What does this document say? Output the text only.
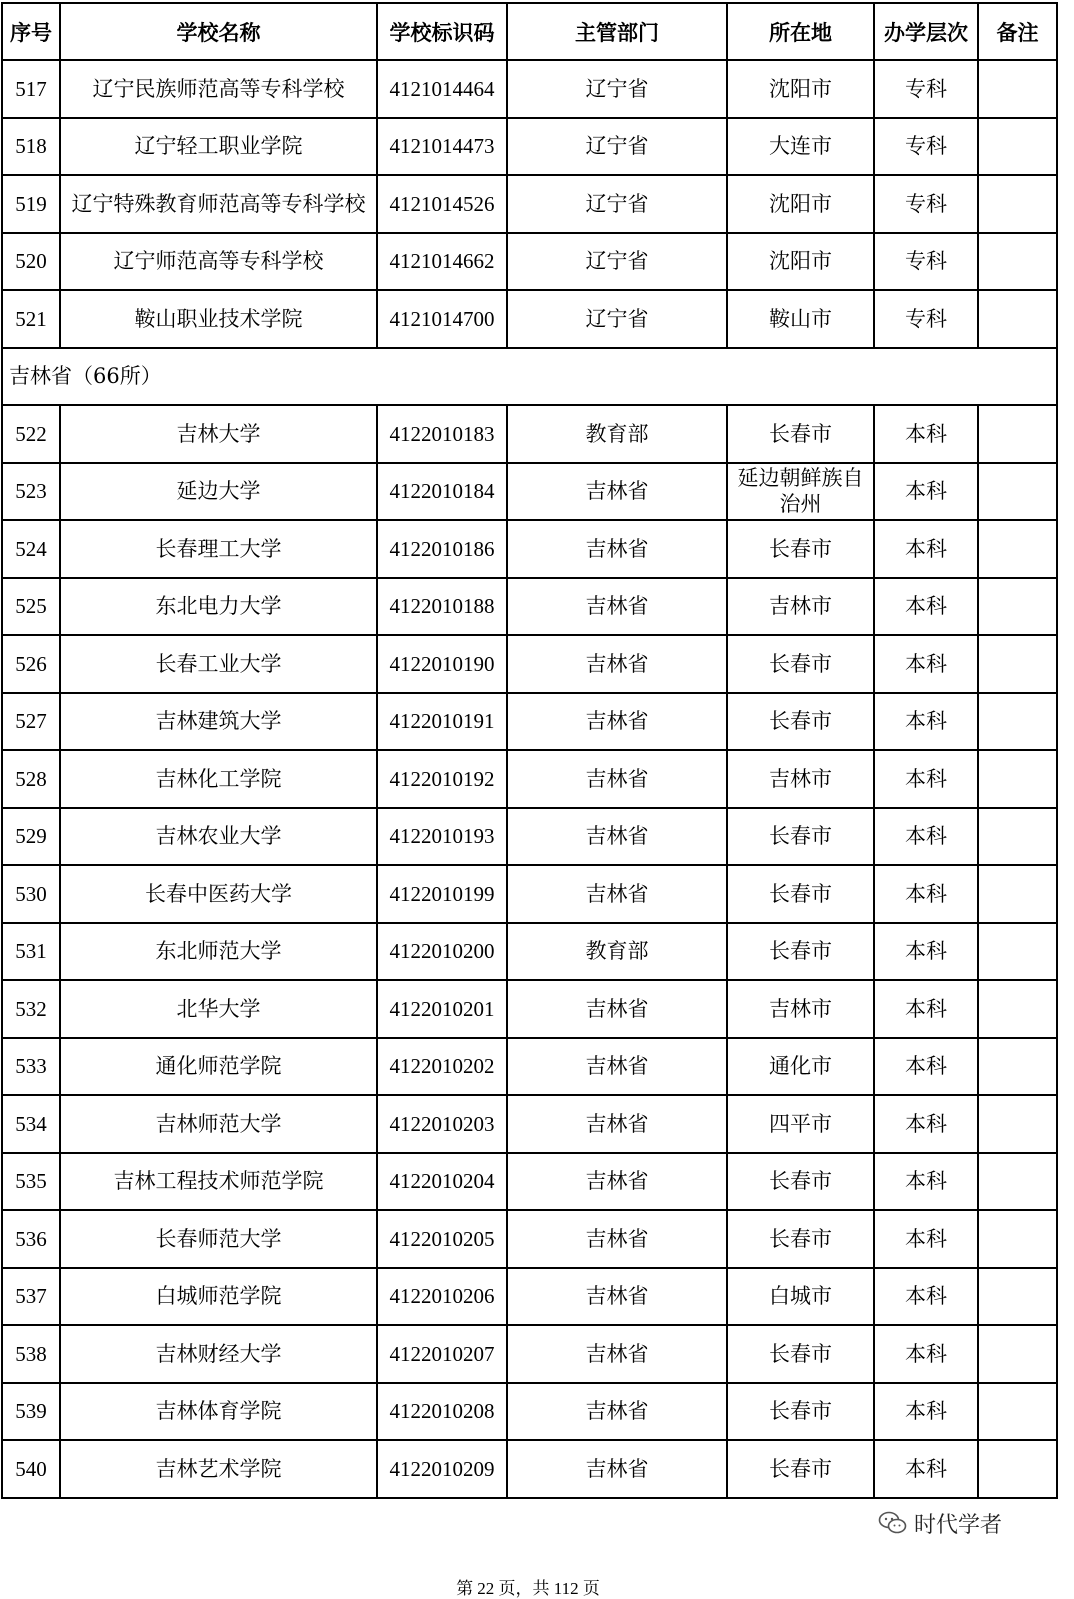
序号	学校名称	学校标识码	主管部门	所在地	办学层次	备注
517	辽宁民族师范高等专科学校	4121014464	辽宁省	沈阳市	专科	
518	辽宁轻工职业学院	4121014473	辽宁省	大连市	专科	
519	辽宁特殊教育师范高等专科学校	4121014526	辽宁省	沈阳市	专科	
520	辽宁师范高等专科学校	4121014662	辽宁省	沈阳市	专科	
521	鞍山职业技术学院	4121014700	辽宁省	鞍山市	专科	
吉林省（66所）						
522	吉林大学	4122010183	教育部	长春市	本科	
523	延边大学	4122010184	吉林省	延边朝鲜族自治州	本科	
524	长春理工大学	4122010186	吉林省	长春市	本科	
525	东北电力大学	4122010188	吉林省	吉林市	本科	
526	长春工业大学	4122010190	吉林省	长春市	本科	
527	吉林建筑大学	4122010191	吉林省	长春市	本科	
528	吉林化工学院	4122010192	吉林省	吉林市	本科	
529	吉林农业大学	4122010193	吉林省	长春市	本科	
530	长春中医药大学	4122010199	吉林省	长春市	本科	
531	东北师范大学	4122010200	教育部	长春市	本科	
532	北华大学	4122010201	吉林省	吉林市	本科	
533	通化师范学院	4122010202	吉林省	通化市	本科	
534	吉林师范大学	4122010203	吉林省	四平市	本科	
535	吉林工程技术师范学院	4122010204	吉林省	长春市	本科	
536	长春师范大学	4122010205	吉林省	长春市	本科	
537	白城师范学院	4122010206	吉林省	白城市	本科	
538	吉林财经大学	4122010207	吉林省	长春市	本科	
539	吉林体育学院	4122010208	吉林省	长春市	本科	
540	吉林艺术学院	4122010209	吉林省	长春市	本科	
时代学者
第 22 页，共 112 页
